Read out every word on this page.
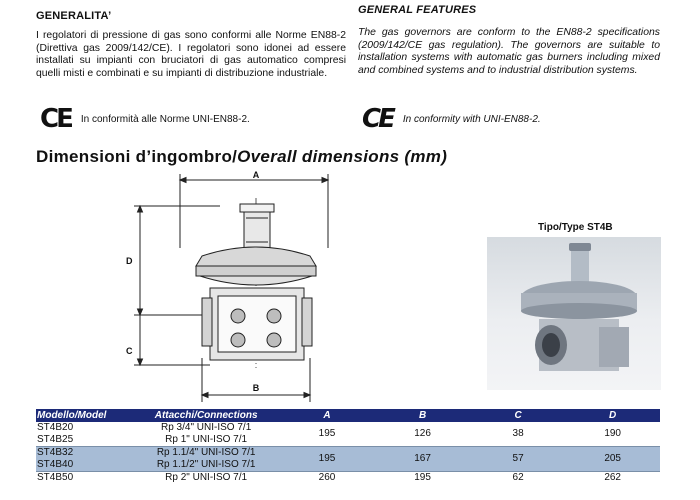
GENERALITA’
I regolatori di pressione di gas sono conformi alle Norme EN88-2 (Direttiva gas 2009/142/CE). I regolatori sono idonei ad essere installati su impianti con bruciatori di gas automatico compresi quelli misti e combinati e su impianti di distribuzione industriale.
CE In conformità alle Norme UNI-EN88-2.
GENERAL FEATURES
The gas governors are conform to the EN88-2 specifications (2009/142/CE gas regulation). The governors are suitable to installation systems with automatic gas burners including mixed and combined systems and to industrial distribution systems.
CE In conformity with UNI-EN88-2.
Dimensioni d’ingombro/Overall dimensions (mm)
A
D
C
B
Tipo/Type ST4B
Modello/Model	Attacchi/Connections	A	B	C	D
ST4B20	Rp 3/4" UNI-ISO 7/1	195	126	38	190
ST4B25	Rp 1" UNI-ISO 7/1				
ST4B32	Rp 1.1/4" UNI-ISO 7/1	195	167	57	205
ST4B40	Rp 1.1/2" UNI-ISO 7/1				
ST4B50	Rp 2" UNI-ISO 7/1	260	195	62	262
